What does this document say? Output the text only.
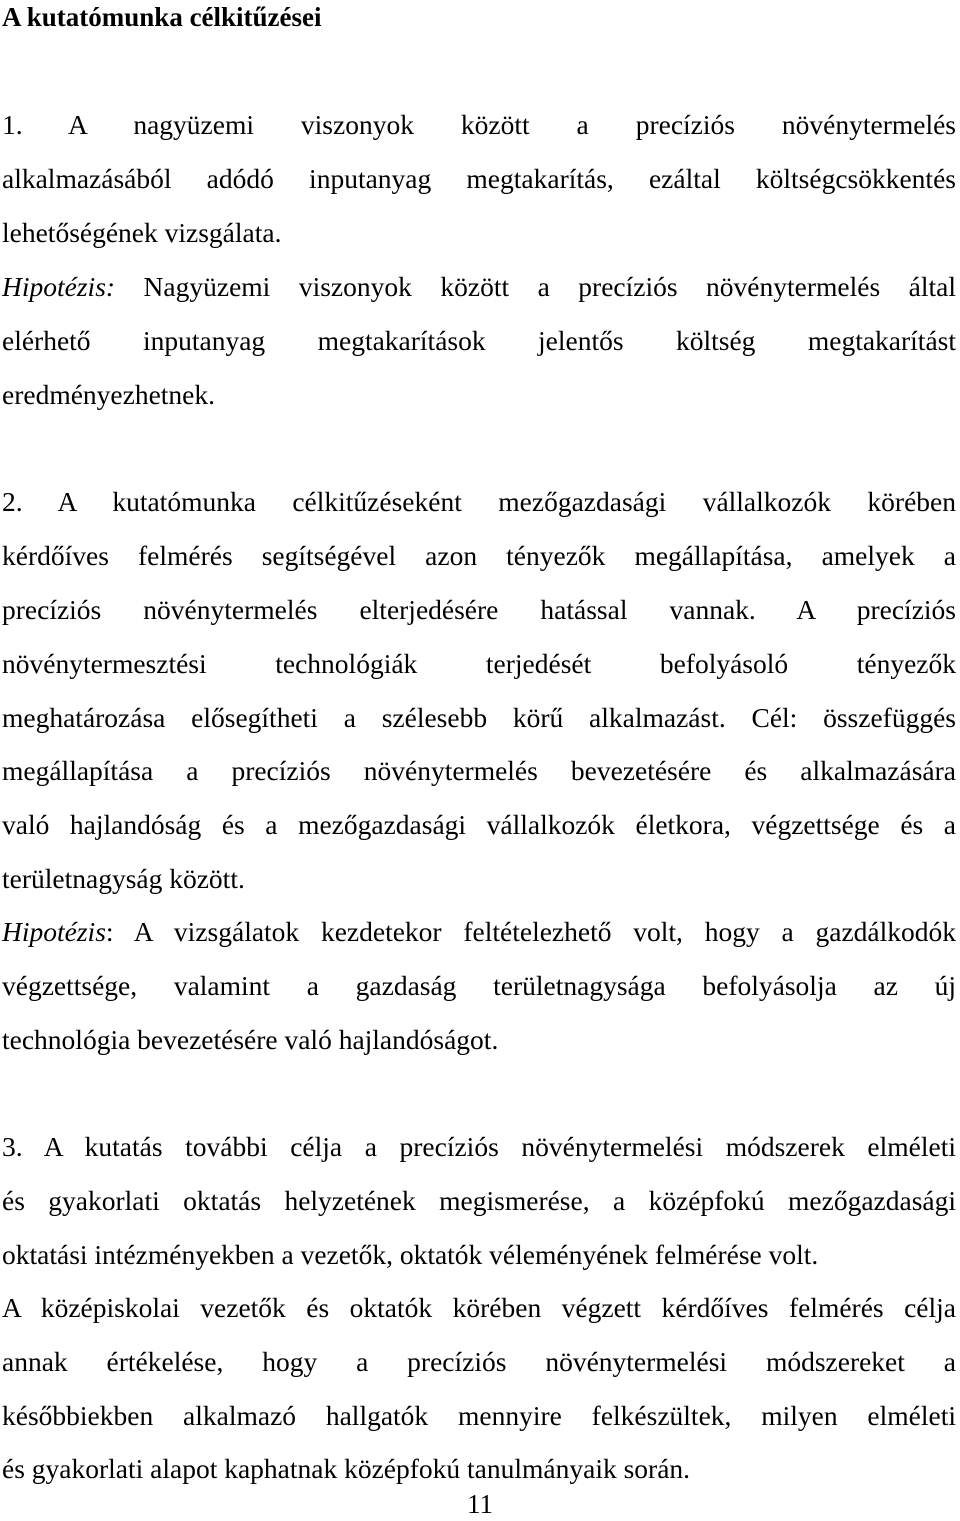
A kutatómunka célkitűzései

1. A nagyüzemi viszonyok között a precíziós növénytermelés

alkalmazásából adódó inputanyag megtakarítás, ezáltal költségcsökkentés

lehetőségének vizsgálata.

Hipotézis: Nagyüzemi viszonyok között a precíziós növénytermelés által

elérhető inputanyag megtakarítások jelentős költség megtakarítást

eredményezhetnek.

2. A kutatómunka célkitűzéseként mezőgazdasági vállalkozók körében

kérdőíves felmérés segítségével azon tényezők megállapítása, amelyek a

precíziós növénytermelés elterjedésére hatással vannak. A precíziós

növénytermesztési technológiák terjedését befolyásoló tényezők

meghatározása elősegítheti a szélesebb körű alkalmazást. Cél: összefüggés

megállapítása a precíziós növénytermelés bevezetésére és alkalmazására

való hajlandóság és a mezőgazdasági vállalkozók életkora, végzettsége és a

területnagyság között.

Hipotézis: A vizsgálatok kezdetekor feltételezhető volt, hogy a gazdálkodók

végzettsége, valamint a gazdaság területnagysága befolyásolja az új

technológia bevezetésére való hajlandóságot.

3. A kutatás további célja a precíziós növénytermelési módszerek elméleti

és gyakorlati oktatás helyzetének megismerése, a középfokú mezőgazdasági

oktatási intézményekben a vezetők, oktatók véleményének felmérése volt.

A középiskolai vezetők és oktatók körében végzett kérdőíves felmérés célja

annak értékelése, hogy a precíziós növénytermelési módszereket a

későbbiekben alkalmazó hallgatók mennyire felkészültek, milyen elméleti

és gyakorlati alapot kaphatnak középfokú tanulmányaik során.

11
